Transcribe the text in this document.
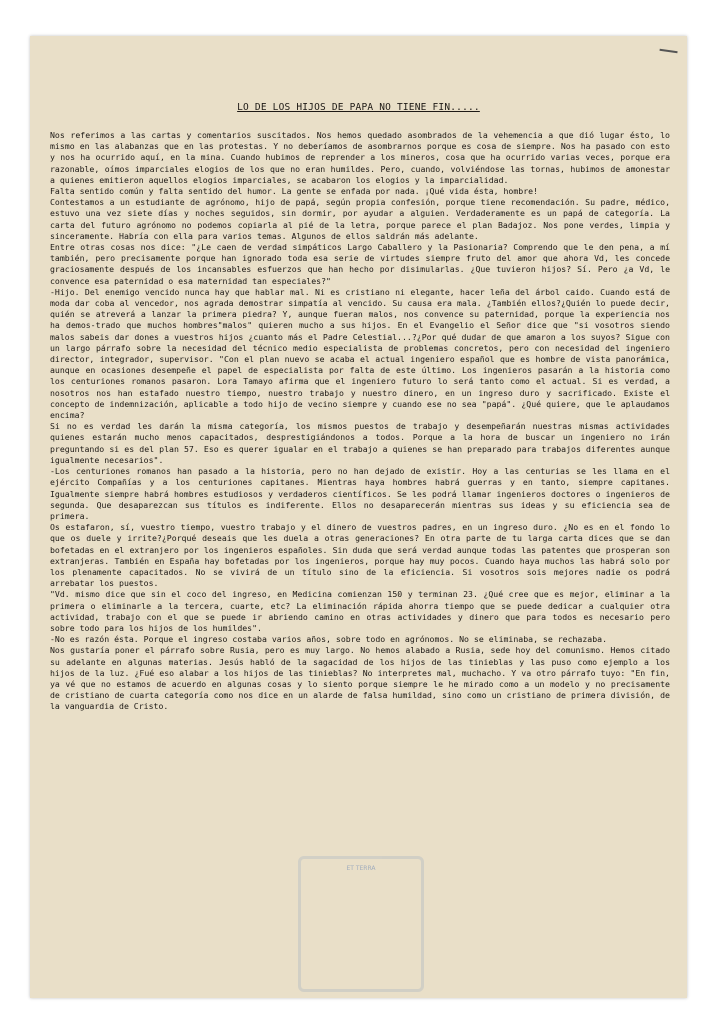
ET TERRA
LO DE LOS HIJOS DE PAPA NO TIENE FIN.....

Nos referimos a las cartas y comentarios suscitados. Nos hemos quedado asombrados de la vehemencia a que dió lugar ésto, lo mismo en las alabanzas que en las protestas. Y no deberíamos de asombrarnos porque es cosa de siempre. Nos ha pasado con esto y nos ha ocurrido aquí, en la mina. Cuando hubimos de reprender a los mineros, cosa que ha ocurrido varias veces, porque era razonable, oímos imparciales elogios de los que no eran humildes. Pero, cuando, volviéndose las tornas, hubimos de amonestar a quienes emitieron aquellos elogios imparciales, se acabaron los elogios y la imparcialidad.

Falta sentido común y falta sentido del humor. La gente se enfada por nada. ¡Qué vida ésta, hombre!

Contestamos a un estudiante de agrónomo, hijo de papá, según propia confesión, porque tiene recomendación. Su padre, médico, estuvo una vez siete días y noches seguidos, sin dormir, por ayudar a alguien. Verdaderamente es un papá de categoría. La carta del futuro agrónomo no podemos copiarla al pié de la letra, porque parece el plan Badajoz. Nos pone verdes, limpia y sinceramente. Habría con ella para varios temas. Algunos de ellos saldrán más adelante.

Entre otras cosas nos dice: "¿Le caen de verdad simpáticos Largo Caballero y la Pasionaria? Comprendo que le den pena, a mí también, pero precisamente porque han ignorado toda esa serie de virtudes siempre fruto del amor que ahora Vd, les concede graciosamente después de los incansables esfuerzos que han hecho por disimularlas. ¿Que tuvieron hijos? Sí. Pero ¿a Vd, le convence esa paternidad o esa maternidad tan especiales?"

-Hijo. Del enemigo vencido nunca hay que hablar mal. Ni es cristiano ni elegante, hacer leña del árbol caido. Cuando está de moda dar coba al vencedor, nos agrada demostrar simpatía al vencido. Su causa era mala. ¿También ellos?¿Quién lo puede decir, quién se atreverá a lanzar la primera piedra? Y, aunque fueran malos, nos convence su paternidad, porque la experiencia nos ha demos-trado que muchos hombres"malos" quieren mucho a sus hijos. En el Evangelio el Señor dice que "si vosotros siendo malos sabeis dar dones a vuestros hijos ¿cuanto más el Padre Celestial...?¿Por qué dudar de que amaron a los suyos? Sigue con un largo párrafo sobre la necesidad del técnico medio especialista de problemas concretos, pero con necesidad del ingeniero director, integrador, supervisor. "Con el plan nuevo se acaba el actual ingeniero español que es hombre de vista panorámica, aunque en ocasiones desempeñe el papel de especialista por falta de este último. Los ingenieros pasarán a la historia como los centuriones romanos pasaron. Lora Tamayo afirma que el ingeniero futuro lo será tanto como el actual. Si es verdad, a nosotros nos han estafado nuestro tiempo, nuestro trabajo y nuestro dinero, en un ingreso duro y sacrificado. Existe el concepto de indemnización, aplicable a todo hijo de vecino siempre y cuando ese no sea "papá". ¿Qué quiere, que le aplaudamos encima?

Si no es verdad les darán la misma categoría, los mismos puestos de trabajo y desempeñarán nuestras mismas actividades quienes estarán mucho menos capacitados, desprestigiándonos a todos. Porque a la hora de buscar un ingeniero no irán preguntando si es del plan 57. Eso es querer igualar en el trabajo a quienes se han preparado para trabajos diferentes aunque igualmente necesarios".

-Los centuriones romanos han pasado a la historia, pero no han dejado de existir. Hoy a las centurias se les llama en el ejército Compañías y a los centuriones capitanes. Mientras haya hombres habrá guerras y en tanto, siempre capitanes. Igualmente siempre habrá hombres estudiosos y verdaderos científicos. Se les podrá llamar ingenieros doctores o ingenieros de segunda. Que desaparezcan sus títulos es indiferente. Ellos no desaparecerán mientras sus ideas y su eficiencia sea de primera.

Os estafaron, sí, vuestro tiempo, vuestro trabajo y el dinero de vuestros padres, en un ingreso duro. ¿No es en el fondo lo que os duele y irrite?¿Porqué deseais que les duela a otras generaciones? En otra parte de tu larga carta dices que se dan bofetadas en el extranjero por los ingenieros españoles. Sin duda que será verdad aunque todas las patentes que prosperan son extranjeras. También en España hay bofetadas por los ingenieros, porque hay muy pocos. Cuando haya muchos las habrá solo por los plenamente capacitados. No se vivirá de un título sino de la eficiencia. Si vosotros sois mejores nadie os podrá arrebatar los puestos.

"Vd. mismo dice que sin el coco del ingreso, en Medicina comienzan 150 y terminan 23. ¿Qué cree que es mejor, eliminar a la primera o eliminarle a la tercera, cuarte, etc? La eliminación rápida ahorra tiempo que se puede dedicar a cualquier otra actividad, trabajo con el que se puede ir abriendo camino en otras actividades y dinero que para todos es necesario pero sobre todo para los hijos de los humildes".

-No es razón ésta. Porque el ingreso costaba varios años, sobre todo en agrónomos. No se eliminaba, se rechazaba.

Nos gustaría poner el párrafo sobre Rusia, pero es muy largo. No hemos alabado a Rusia, sede hoy del comunismo. Hemos citado su adelante en algunas materias. Jesús habló de la sagacidad de los hijos de las tinieblas y las puso como ejemplo a los hijos de la luz. ¿Fué eso alabar a los hijos de las tinieblas? No interpretes mal, muchacho. Y va otro párrafo tuyo: "En fin, ya vé que no estamos de acuerdo en algunas cosas y lo siento porque siempre le he mirado como a un modelo y no precisamente de cristiano de cuarta categoría como nos dice en un alarde de falsa humildad, sino como un cristiano de primera división, de la vanguardia de Cristo.
